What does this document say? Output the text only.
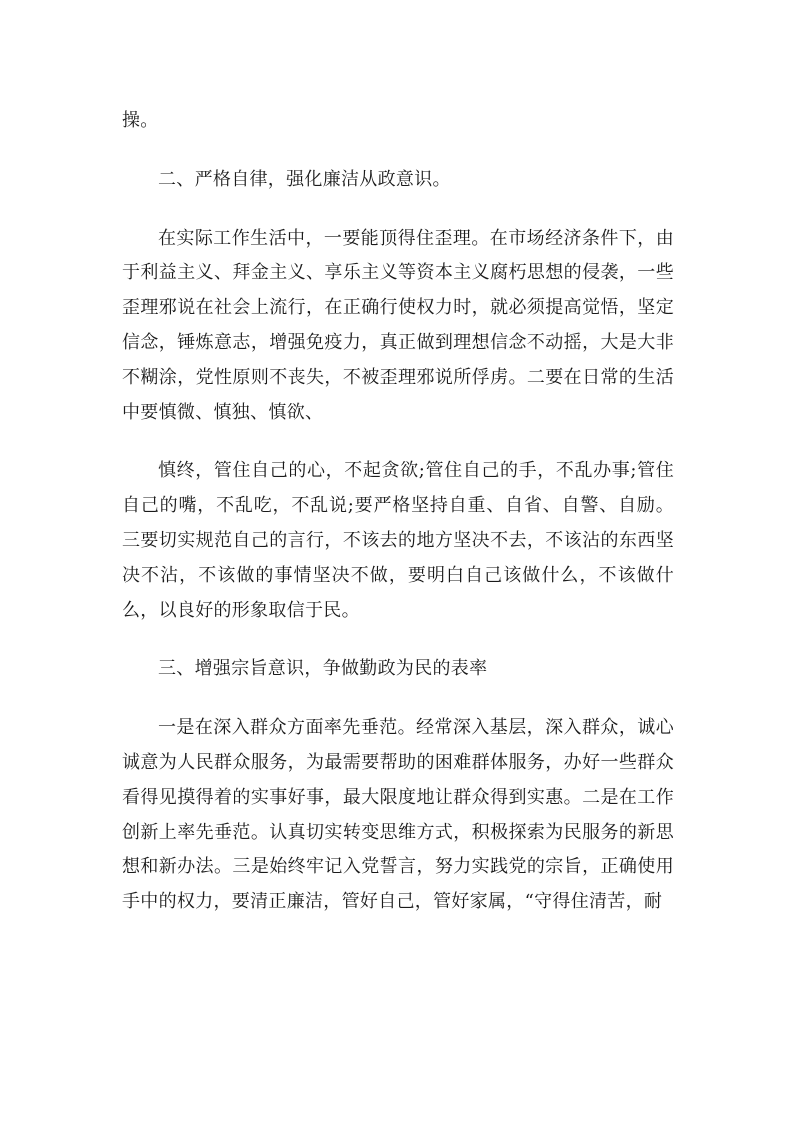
操。

二、严格自律，强化廉洁从政意识。

在实际工作生活中，一要能顶得住歪理。在市场经济条件下，由于利益主义、拜金主义、享乐主义等资本主义腐朽思想的侵袭，一些歪理邪说在社会上流行，在正确行使权力时，就必须提高觉悟，坚定信念，锤炼意志，增强免疫力，真正做到理想信念不动摇，大是大非不糊涂，党性原则不丧失，不被歪理邪说所俘虏。二要在日常的生活中要慎微、慎独、慎欲、

慎终，管住自己的心，不起贪欲;管住自己的手，不乱办事;管住自己的嘴，不乱吃，不乱说;要严格坚持自重、自省、自警、自励。三要切实规范自己的言行，不该去的地方坚决不去，不该沾的东西坚决不沾，不该做的事情坚决不做，要明白自己该做什么，不该做什么，以良好的形象取信于民。

三、增强宗旨意识，争做勤政为民的表率

一是在深入群众方面率先垂范。经常深入基层，深入群众，诚心诚意为人民群众服务，为最需要帮助的困难群体服务，办好一些群众看得见摸得着的实事好事，最大限度地让群众得到实惠。二是在工作创新上率先垂范。认真切实转变思维方式，积极探索为民服务的新思想和新办法。三是始终牢记入党誓言，努力实践党的宗旨，正确使用手中的权力，要清正廉洁，管好自己，管好家属，“守得住清苦，耐
